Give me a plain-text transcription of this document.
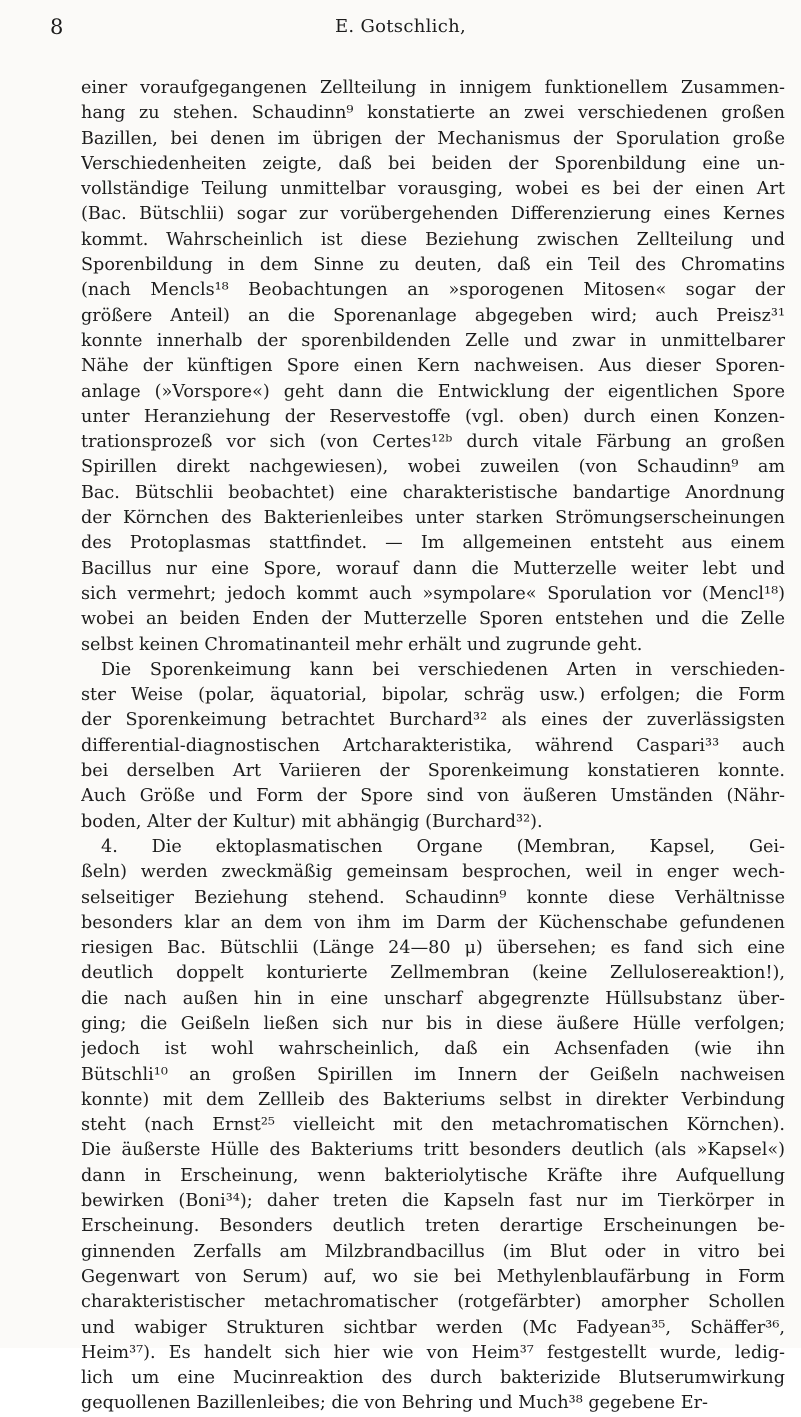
8	E. Gotschlich,
einer voraufgegangenen Zellteilung in innigem funktionellem Zusammen-
hang zu stehen. Schaudinn⁹ konstatierte an zwei verschiedenen großen
Bazillen, bei denen im übrigen der Mechanismus der Sporulation große
Verschiedenheiten zeigte, daß bei beiden der Sporenbildung eine un-
vollständige Teilung unmittelbar vorausging, wobei es bei der einen Art
(Bac. Bütschlii) sogar zur vorübergehenden Differenzierung eines Kernes
kommt. Wahrscheinlich ist diese Beziehung zwischen Zellteilung und
Sporenbildung in dem Sinne zu deuten, daß ein Teil des Chromatins
(nach Mencls¹⁸ Beobachtungen an »sporogenen Mitosen« sogar der
größere Anteil) an die Sporenanlage abgegeben wird; auch Preisz³¹
konnte innerhalb der sporenbildenden Zelle und zwar in unmittelbarer
Nähe der künftigen Spore einen Kern nachweisen. Aus dieser Sporen-
anlage (»Vorspore«) geht dann die Entwicklung der eigentlichen Spore
unter Heranziehung der Reservestoffe (vgl. oben) durch einen Konzen-
trationsprozeß vor sich (von Certes¹²ᵇ durch vitale Färbung an großen
Spirillen direkt nachgewiesen), wobei zuweilen (von Schaudinn⁹ am
Bac. Bütschlii beobachtet) eine charakteristische bandartige Anordnung
der Körnchen des Bakterienleibes unter starken Strömungserscheinungen
des Protoplasmas stattfindet. — Im allgemeinen entsteht aus einem
Bacillus nur eine Spore, worauf dann die Mutterzelle weiter lebt und
sich vermehrt; jedoch kommt auch »sympolare« Sporulation vor (Mencl¹⁸)
wobei an beiden Enden der Mutterzelle Sporen entstehen und die Zelle
selbst keinen Chromatinanteil mehr erhält und zugrunde geht.
Die Sporenkeimung kann bei verschiedenen Arten in verschieden-
ster Weise (polar, äquatorial, bipolar, schräg usw.) erfolgen; die Form
der Sporenkeimung betrachtet Burchard³² als eines der zuverlässigsten
differential-diagnostischen Artcharakteristika, während Caspari³³ auch
bei derselben Art Variieren der Sporenkeimung konstatieren konnte.
Auch Größe und Form der Spore sind von äußeren Umständen (Nähr-
boden, Alter der Kultur) mit abhängig (Burchard³²).
4. Die ektoplasmatischen Organe (Membran, Kapsel, Gei-
ßeln) werden zweckmäßig gemeinsam besprochen, weil in enger wech-
selseitiger Beziehung stehend. Schaudinn⁹ konnte diese Verhältnisse
besonders klar an dem von ihm im Darm der Küchenschabe gefundenen
riesigen Bac. Bütschlii (Länge 24—80 μ) übersehen; es fand sich eine
deutlich doppelt konturierte Zellmembran (keine Zellulosereaktion!),
die nach außen hin in eine unscharf abgegrenzte Hüllsubstanz über-
ging; die Geißeln ließen sich nur bis in diese äußere Hülle verfolgen;
jedoch ist wohl wahrscheinlich, daß ein Achsenfaden (wie ihn
Bütschli¹⁰ an großen Spirillen im Innern der Geißeln nachweisen
konnte) mit dem Zellleib des Bakteriums selbst in direkter Verbindung
steht (nach Ernst²⁵ vielleicht mit den metachromatischen Körnchen).
Die äußerste Hülle des Bakteriums tritt besonders deutlich (als »Kapsel«)
dann in Erscheinung, wenn bakteriolytische Kräfte ihre Aufquellung
bewirken (Boni³⁴); daher treten die Kapseln fast nur im Tierkörper in
Erscheinung. Besonders deutlich treten derartige Erscheinungen be-
ginnenden Zerfalls am Milzbrandbacillus (im Blut oder in vitro bei
Gegenwart von Serum) auf, wo sie bei Methylenblaufärbung in Form
charakteristischer metachromatischer (rotgefärbter) amorpher Schollen
und wabiger Strukturen sichtbar werden (Mc Fadyean³⁵, Schäffer³⁶,
Heim³⁷). Es handelt sich hier wie von Heim³⁷ festgestellt wurde, ledig-
lich um eine Mucinreaktion des durch bakterizide Blutserumwirkung
gequollenen Bazillenleibes; die von Behring und Much³⁸ gegebene Er-
